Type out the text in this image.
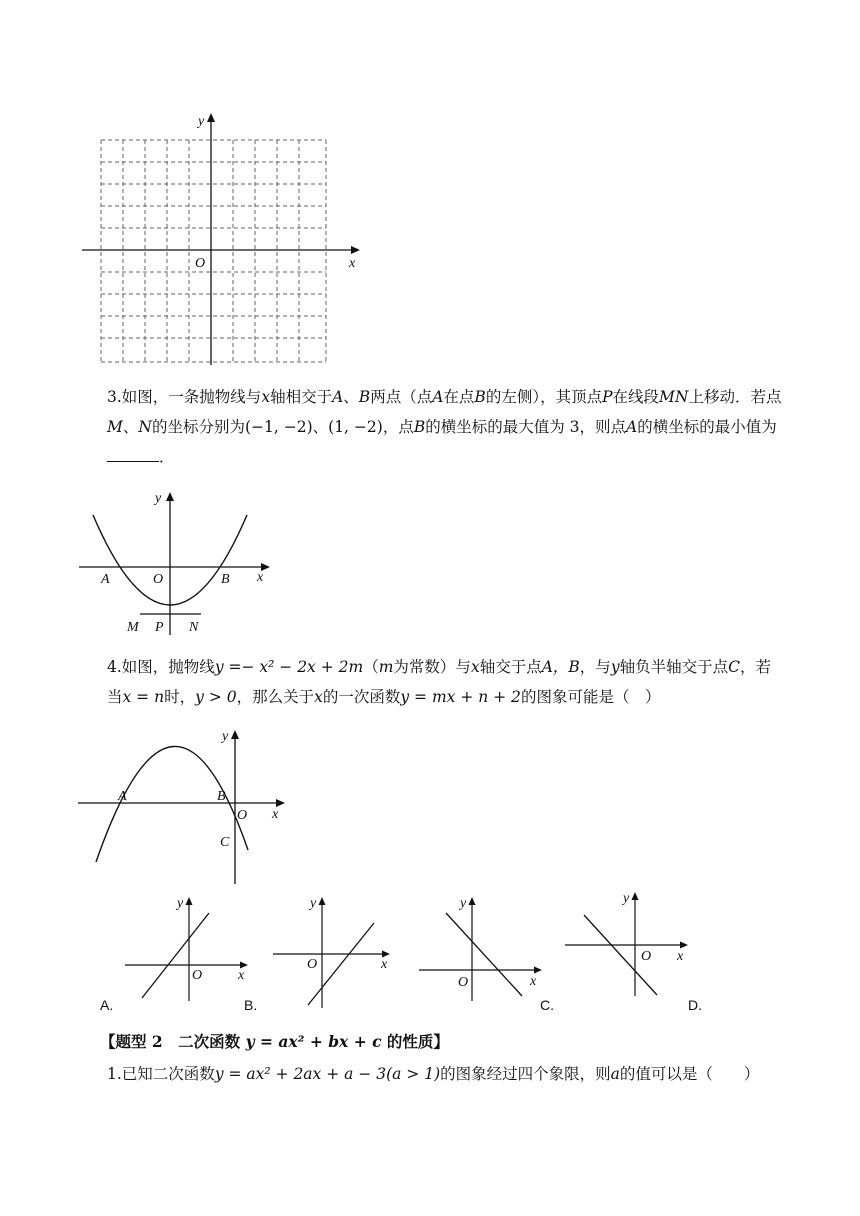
y
x
O
3.如图，一条抛物线与x轴相交于A、B两点（点A在点B的左侧），其顶点P在线段MN上移动．若点M、N的坐标分别为(−1, −2)、(1, −2)，点B的横坐标的最大值为 3，则点A的横坐标的最小值为．
y
x
A	O	B
M P N
4.如图，抛物线y =− x² − 2x + 2m（m为常数）与x轴交于点A，B，与y轴负半轴交于点C，若当x = n时，y > 0，那么关于x的一次函数y = mx + n + 2的图象可能是（　）
y
x
A	B
O
C
y
x
O
A.
y
x
O
B.
y
x
O
C.
y
x
O
D.
【题型 2　二次函数 y = ax² + bx + c 的性质】
1.已知二次函数y = ax² + 2ax + a − 3(a > 1)的图象经过四个象限，则a的值可以是（　　）
